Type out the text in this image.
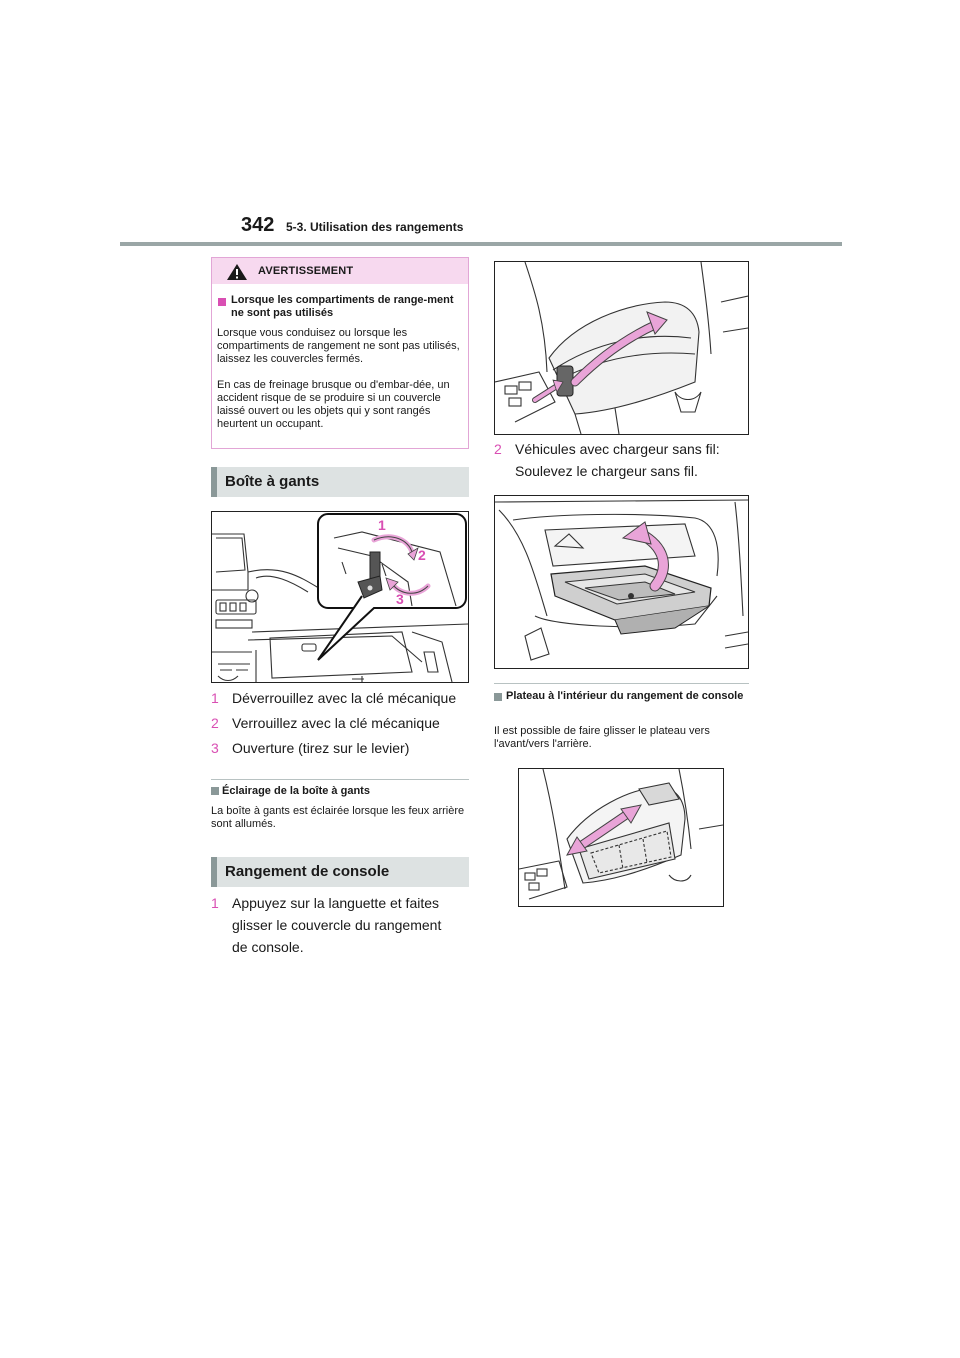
342 5-3. Utilisation des rangements
AVERTISSEMENT
Lorsque les compartiments de range-ment ne sont pas utilisés
Lorsque vous conduisez ou lorsque les compartiments de rangement ne sont pas utilisés, laissez les couvercles fermés.
En cas de freinage brusque ou d'embar-dée, un accident risque de se produire si un couvercle laissé ouvert ou les objets qui y sont rangés heurtent un occupant.
Boîte à gants
1
2
3
1 Déverrouillez avec la clé mécanique
2 Verrouillez avec la clé mécanique
3 Ouverture (tirez sur le levier)
Éclairage de la boîte à gants
La boîte à gants est éclairée lorsque les feux arrière sont allumés.
Rangement de console
1 Appuyez sur la languette et faites
glisser le couvercle du rangement
de console.
2 Véhicules avec chargeur sans fil:
Soulevez le chargeur sans fil.
Plateau à l'intérieur du rangement de console
Il est possible de faire glisser le plateau vers l'avant/vers l'arrière.
